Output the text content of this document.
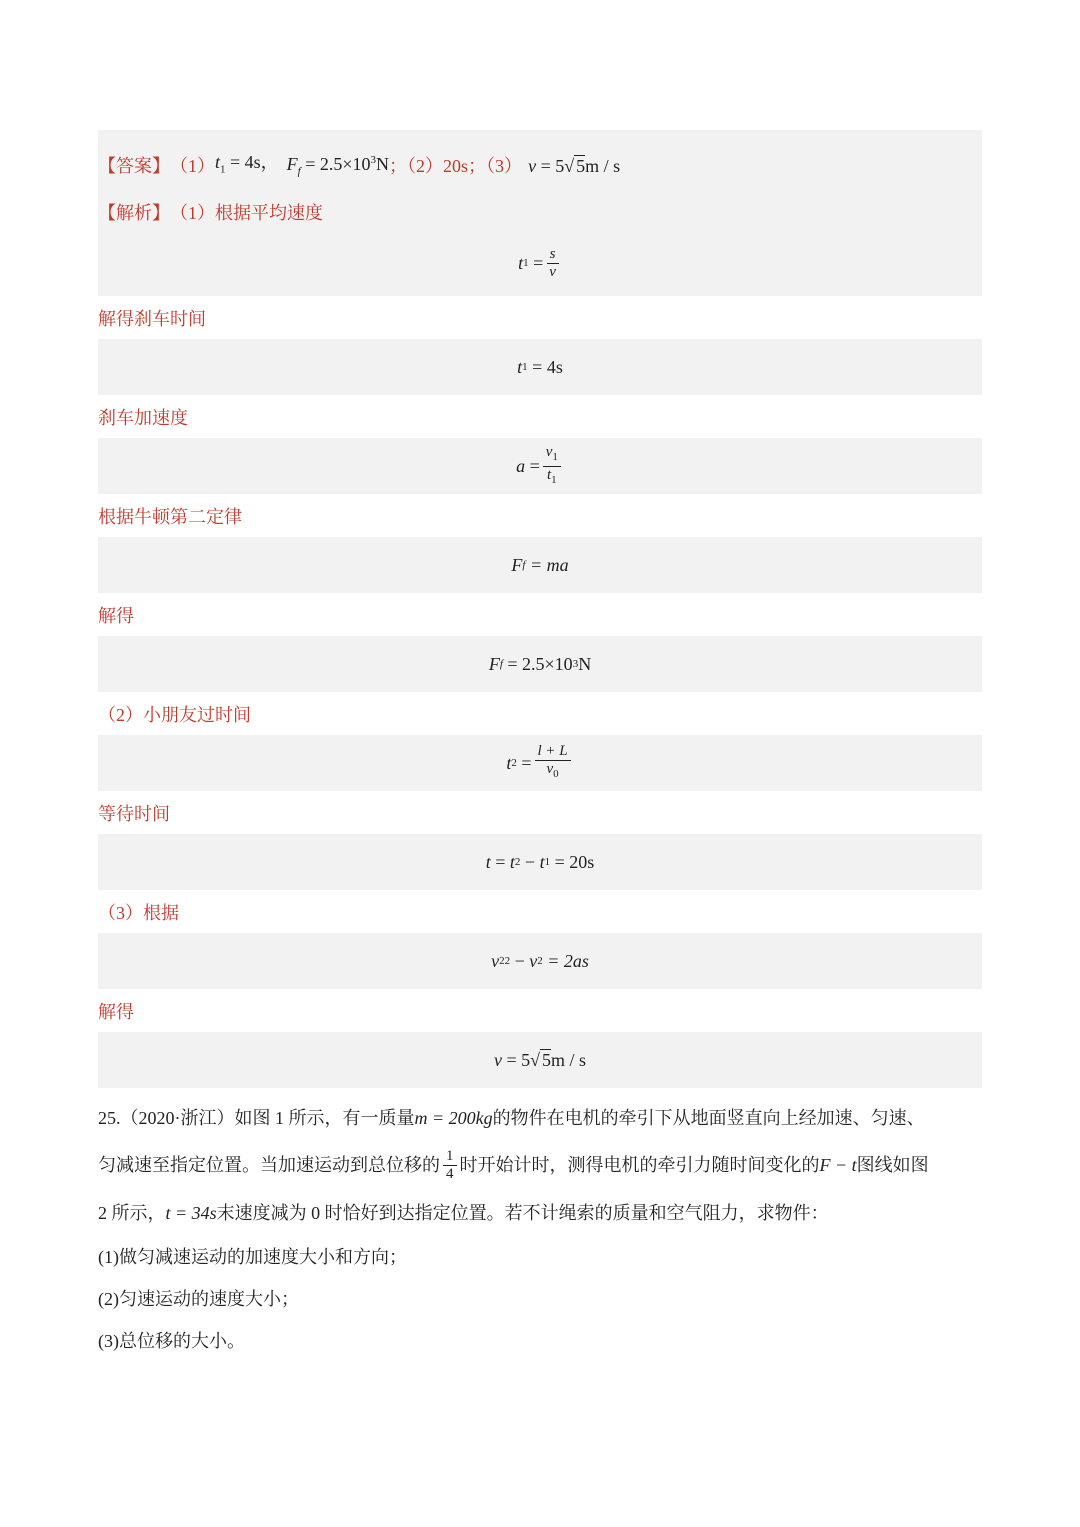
【答案】 （1） $t_1 = 4s$， $F_f = 2.5\times 10^3N$ ；（2）20s；（3） v = 5√ 5m / s
【解析】 （1）根据平均速度
t $1 = \frac{s}{v}$
解得刹车时间
t 1
= 4s
刹车加速度
$a = \frac{v_1}{t_1}$
根据牛顿第二定律
F f
= ma
解得
F f
= 2.5×10 3 N
（2）小朋友过时间
t $2 = \frac{l + L}{v_0}$
等待时间
t = t 2 − t 1
= 20s
（3）根据
v 2 2 − v 2
= 2as
解得
v
= 5 √ 5 m / s

25. （2020·浙江） 如图 1 所示，有一质量 m = 200kg 的物件在电机的牵引下从地面竖直向上经加速、匀速、

匀减速至指定位置。当加速运动到总位移的 $\frac{1}{4}$ 时开始计时，测得电机的牵引力随时间变化的 F − t 图线如图

2 所示， t = 34s 末速度减为 0 时恰好到达指定位置。若不计绳索的质量和空气阻力，求物件：

(1)做匀减速运动的加速度大小和方向；

(2)匀速运动的速度大小；

(3)总位移的大小。
